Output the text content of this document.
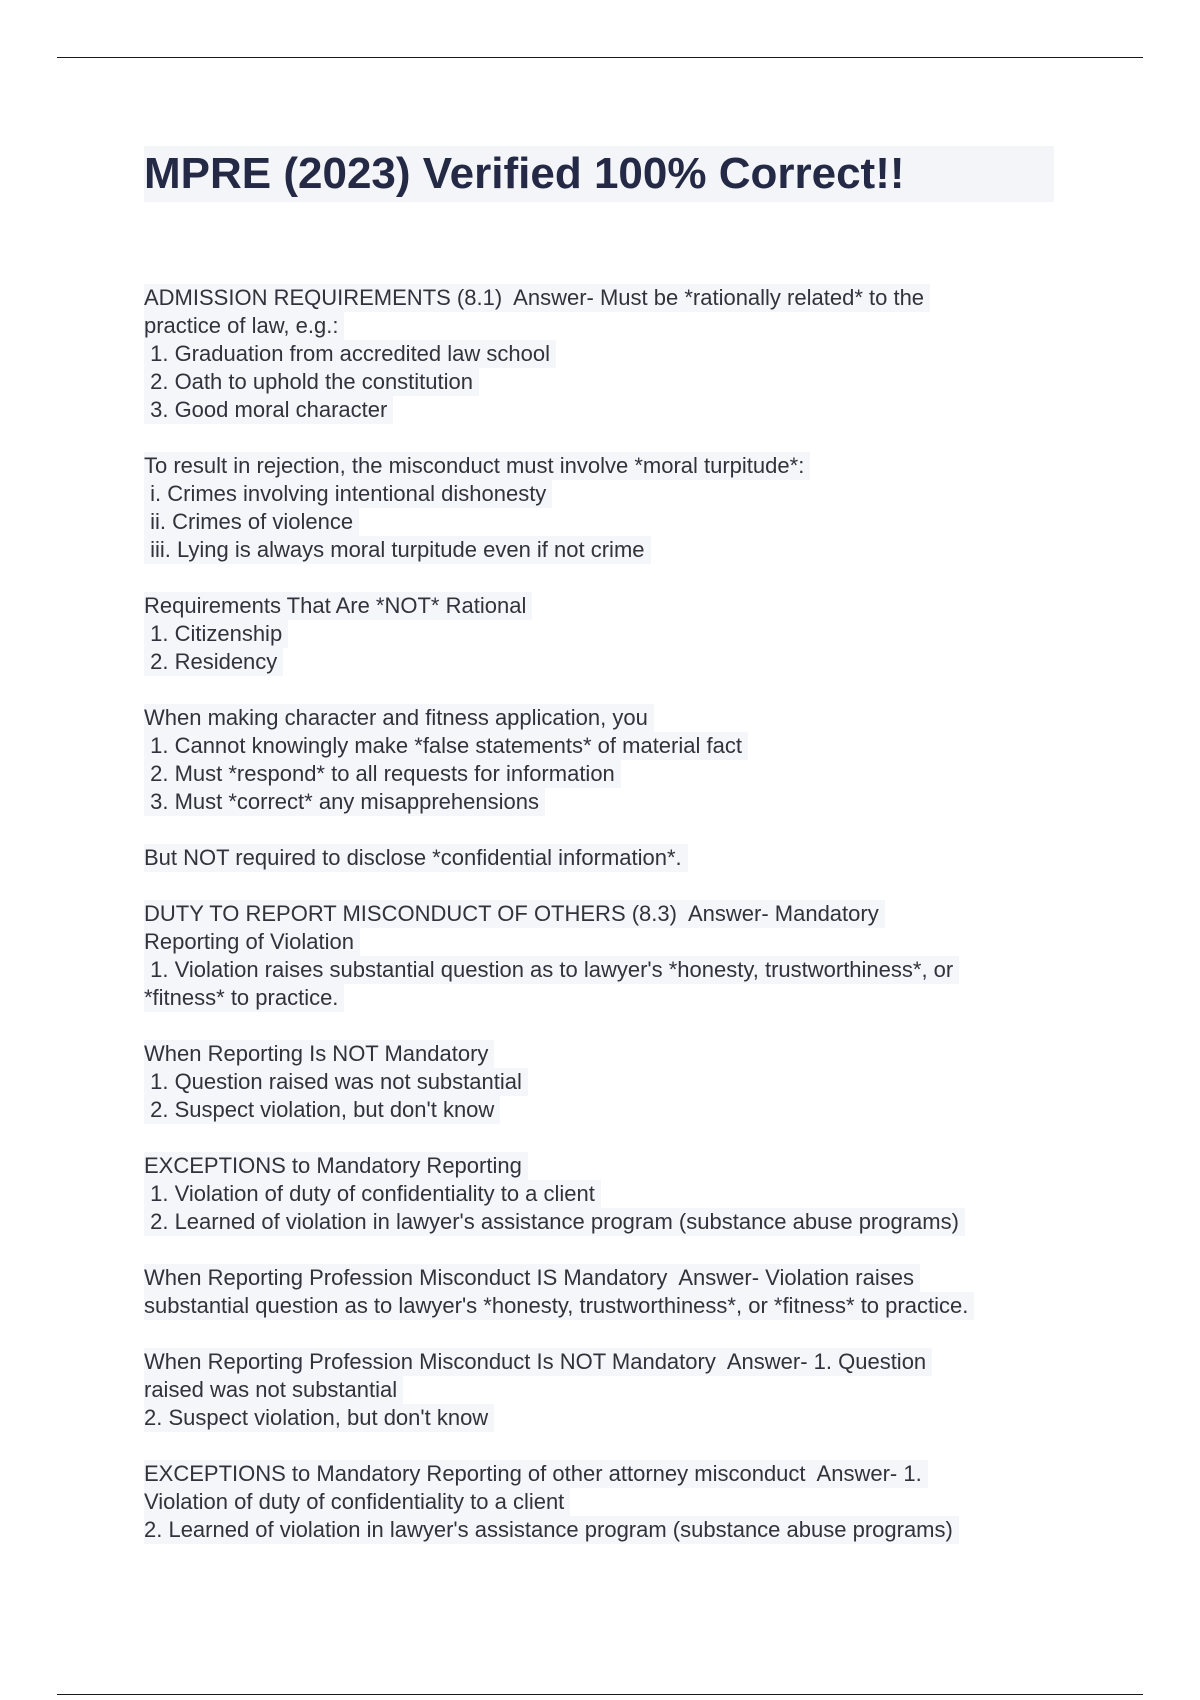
MPRE (2023) Verified 100% Correct!!
ADMISSION REQUIREMENTS (8.1)  Answer- Must be *rationally related* to the
practice of law, e.g.:
1. Graduation from accredited law school
2. Oath to uphold the constitution
3. Good moral character
To result in rejection, the misconduct must involve *moral turpitude*:
i. Crimes involving intentional dishonesty
ii. Crimes of violence
iii. Lying is always moral turpitude even if not crime
Requirements That Are *NOT* Rational
1. Citizenship
2. Residency
When making character and fitness application, you
1. Cannot knowingly make *false statements* of material fact
2. Must *respond* to all requests for information
3. Must *correct* any misapprehensions
But NOT required to disclose *confidential information*.
DUTY TO REPORT MISCONDUCT OF OTHERS (8.3)  Answer- Mandatory
Reporting of Violation
1. Violation raises substantial question as to lawyer's *honesty, trustworthiness*, or
*fitness* to practice.
When Reporting Is NOT Mandatory
1. Question raised was not substantial
2. Suspect violation, but don't know
EXCEPTIONS to Mandatory Reporting
1. Violation of duty of confidentiality to a client
2. Learned of violation in lawyer's assistance program (substance abuse programs)
When Reporting Profession Misconduct IS Mandatory  Answer- Violation raises
substantial question as to lawyer's *honesty, trustworthiness*, or *fitness* to practice.
When Reporting Profession Misconduct Is NOT Mandatory  Answer- 1. Question
raised was not substantial
2. Suspect violation, but don't know
EXCEPTIONS to Mandatory Reporting of other attorney misconduct  Answer- 1.
Violation of duty of confidentiality to a client
2. Learned of violation in lawyer's assistance program (substance abuse programs)
